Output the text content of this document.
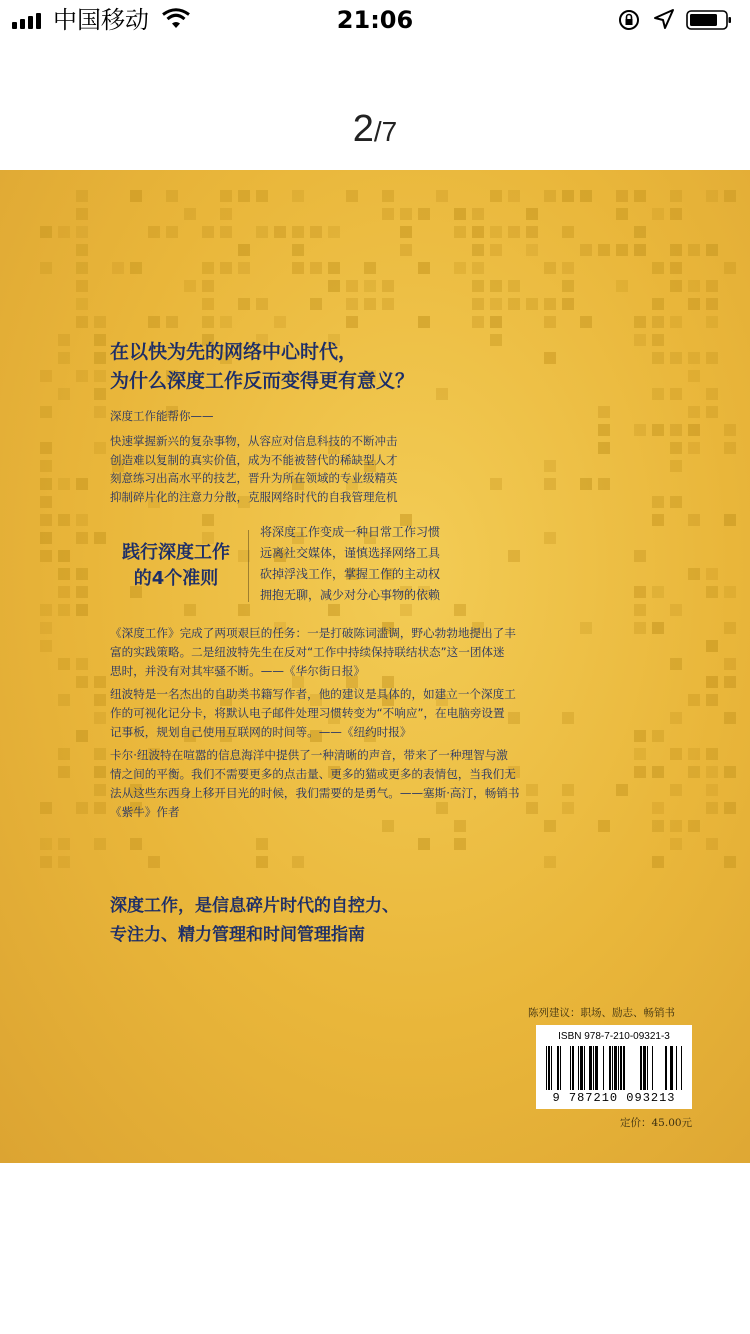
中国移动	21:06
2/7
在以快为先的网络中心时代，
为什么深度工作反而变得更有意义？
深度工作能帮你——
快速掌握新兴的复杂事物，从容应对信息科技的不断冲击
创造难以复制的真实价值，成为不能被替代的稀缺型人才
刻意练习出高水平的技艺，晋升为所在领域的专业级精英
抑制碎片化的注意力分散，克服网络时代的自我管理危机
践行深度工作
的4个准则
将深度工作变成一种日常工作习惯
远离社交媒体，谨慎选择网络工具
砍掉浮浅工作，掌握工作的主动权
拥抱无聊，减少对分心事物的依赖
《深度工作》完成了两项艰巨的任务：一是打破陈词滥调，野心勃勃地提出了丰
富的实践策略。二是纽波特先生在反对“工作中持续保持联结状态”这一团体迷
思时，并没有对其牢骚不断。——《华尔街日报》
纽波特是一名杰出的自助类书籍写作者，他的建议是具体的，如建立一个深度工
作的可视化记分卡，将默认电子邮件处理习惯转变为“不响应”，在电脑旁设置
记事板，规划自己使用互联网的时间等。——《纽约时报》
卡尔·纽波特在喧嚣的信息海洋中提供了一种清晰的声音，带来了一种理智与激
情之间的平衡。我们不需要更多的点击量、更多的猫或更多的表情包，当我们无
法从这些东西身上移开目光的时候，我们需要的是勇气。——塞斯·高汀，畅销书
《紫牛》作者
深度工作，是信息碎片时代的自控力、
专注力、精力管理和时间管理指南
陈列建议：职场、励志、畅销书
ISBN 978-7-210-09321-3
9 787210 093213
定价：45.00元
